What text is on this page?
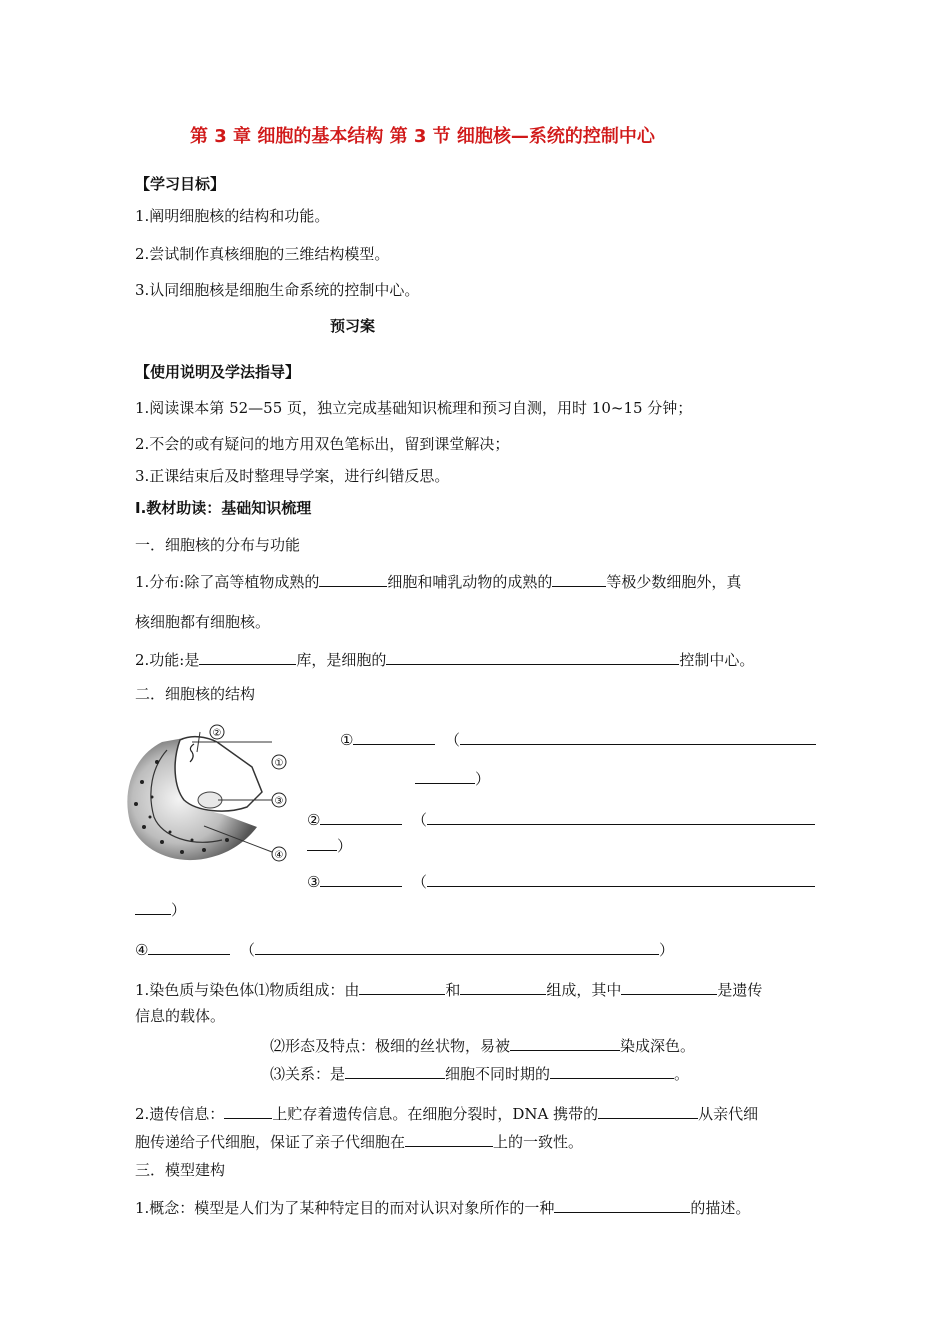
第 3 章 细胞的基本结构 第 3 节 细胞核—系统的控制中心
【学习目标】
1.阐明细胞核的结构和功能。
2.尝试制作真核细胞的三维结构模型。
3.认同细胞核是细胞生命系统的控制中心。
预习案
【使用说明及学法指导】
1.阅读课本第 52—55 页，独立完成基础知识梳理和预习自测，用时 10~15 分钟；
2.不会的或有疑问的地方用双色笔标出，留到课堂解决；
3.正课结束后及时整理导学案，进行纠错反思。
Ⅰ.教材助读：基础知识梳理
一．细胞核的分布与功能
1.分布:除了高等植物成熟的	细胞和哺乳动物的成熟的	等极少数细胞外，真
核细胞都有细胞核。
2.功能:是	库，是细胞的	控制中心。
二．细胞核的结构
②
①
③
④
①	（
）
②	（
）
③	（
）
④	（	）
1.染色质与染色体⑴物质组成：由	和	组成，其中	是遗传
信息的载体。
⑵形态及特点：极细的丝状物，易被	染成深色。
⑶关系：是	细胞不同时期的	。
2.遗传信息：	上贮存着遗传信息。在细胞分裂时，DNA 携带的	从亲代细
胞传递给子代细胞，保证了亲子代细胞在	上的一致性。
三．模型建构
1.概念：模型是人们为了某种特定目的而对认识对象所作的一种	的描述。
